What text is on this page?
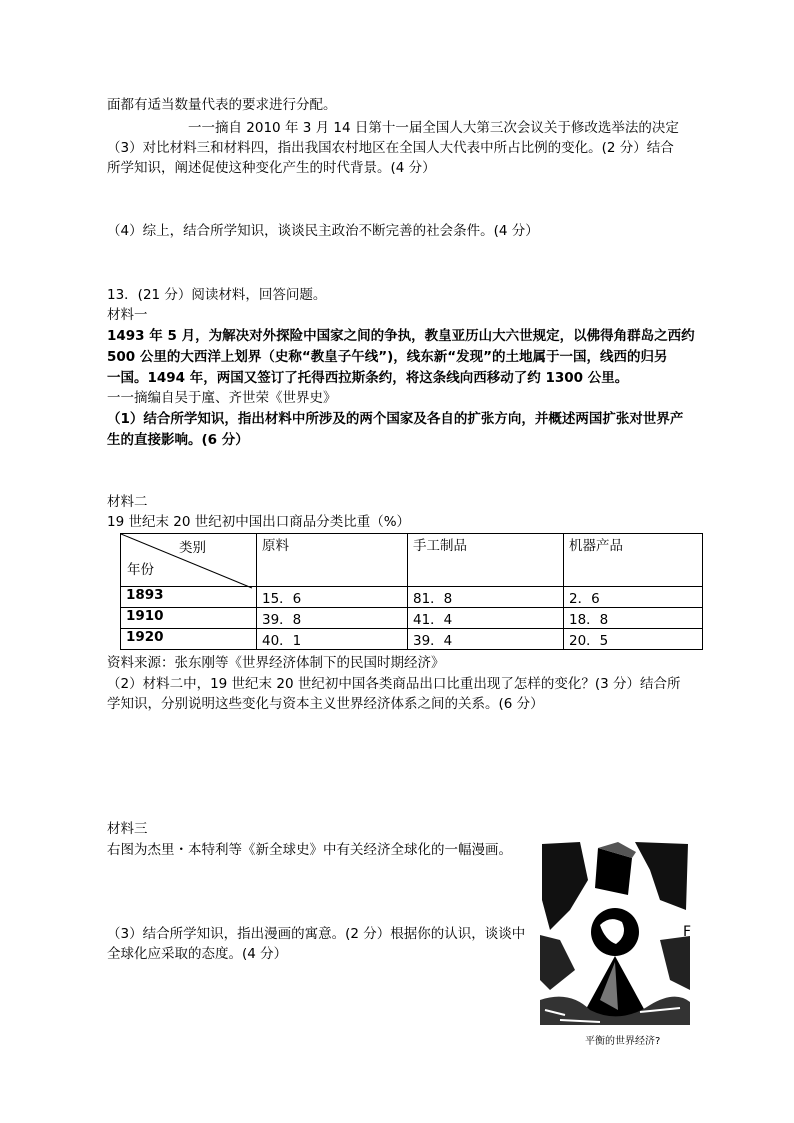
面都有适当数量代表的要求进行分配。
一一摘自 2010 年 3 月 14 日第十一届全国人大第三次会议关于修改选举法的决定
（3）对比材料三和材料四，指出我国农村地区在全国人大代表中所占比例的变化。(2 分）结合
所学知识，阐述促使这种变化产生的时代背景。(4 分）
（4）综上，结合所学知识，谈谈民主政治不断完善的社会条件。(4 分）
13．(21 分）阅读材料，回答问题。
材料一
1493 年 5 月，为解决对外探险中国家之间的争执，教皇亚历山大六世规定，以佛得角群岛之西约
500 公里的大西洋上划界（史称“教皇子午线”)，线东新“发现”的土地属于一国，线西的归另
一国。1494 年，两国又签订了托得西拉斯条约，将这条线向西移动了约 1300 公里。
一一摘编自吴于廑、齐世荣《世界史》
（1）结合所学知识，指出材料中所涉及的两个国家及各自的扩张方向，并概述两国扩张对世界产
生的直接影响。(6 分）
材料二
19 世纪末 20 世纪初中国出口商品分类比重（%）
类别
年份	原料	手工制品	机器产品
1893	15．6	81．8	2．6
1910	39．8	41．4	18．8
1920	40．1	39．4	20．5
资料来源：张东刚等《世界经济体制下的民国时期经济》
（2）材料二中，19 世纪末 20 世纪初中国各类商品出口比重出现了怎样的变化？(3 分）结合所
学知识，分别说明这些变化与资本主义世界经济体系之间的关系。(6 分）
材料三
右图为杰里・本特利等《新全球史》中有关经济全球化的一幅漫画。
（3）结合所学知识，指出漫画的寓意。(2 分）根据你的认识，谈谈中
全球化应采取的态度。(4 分）
F
平衡的世界经济?
